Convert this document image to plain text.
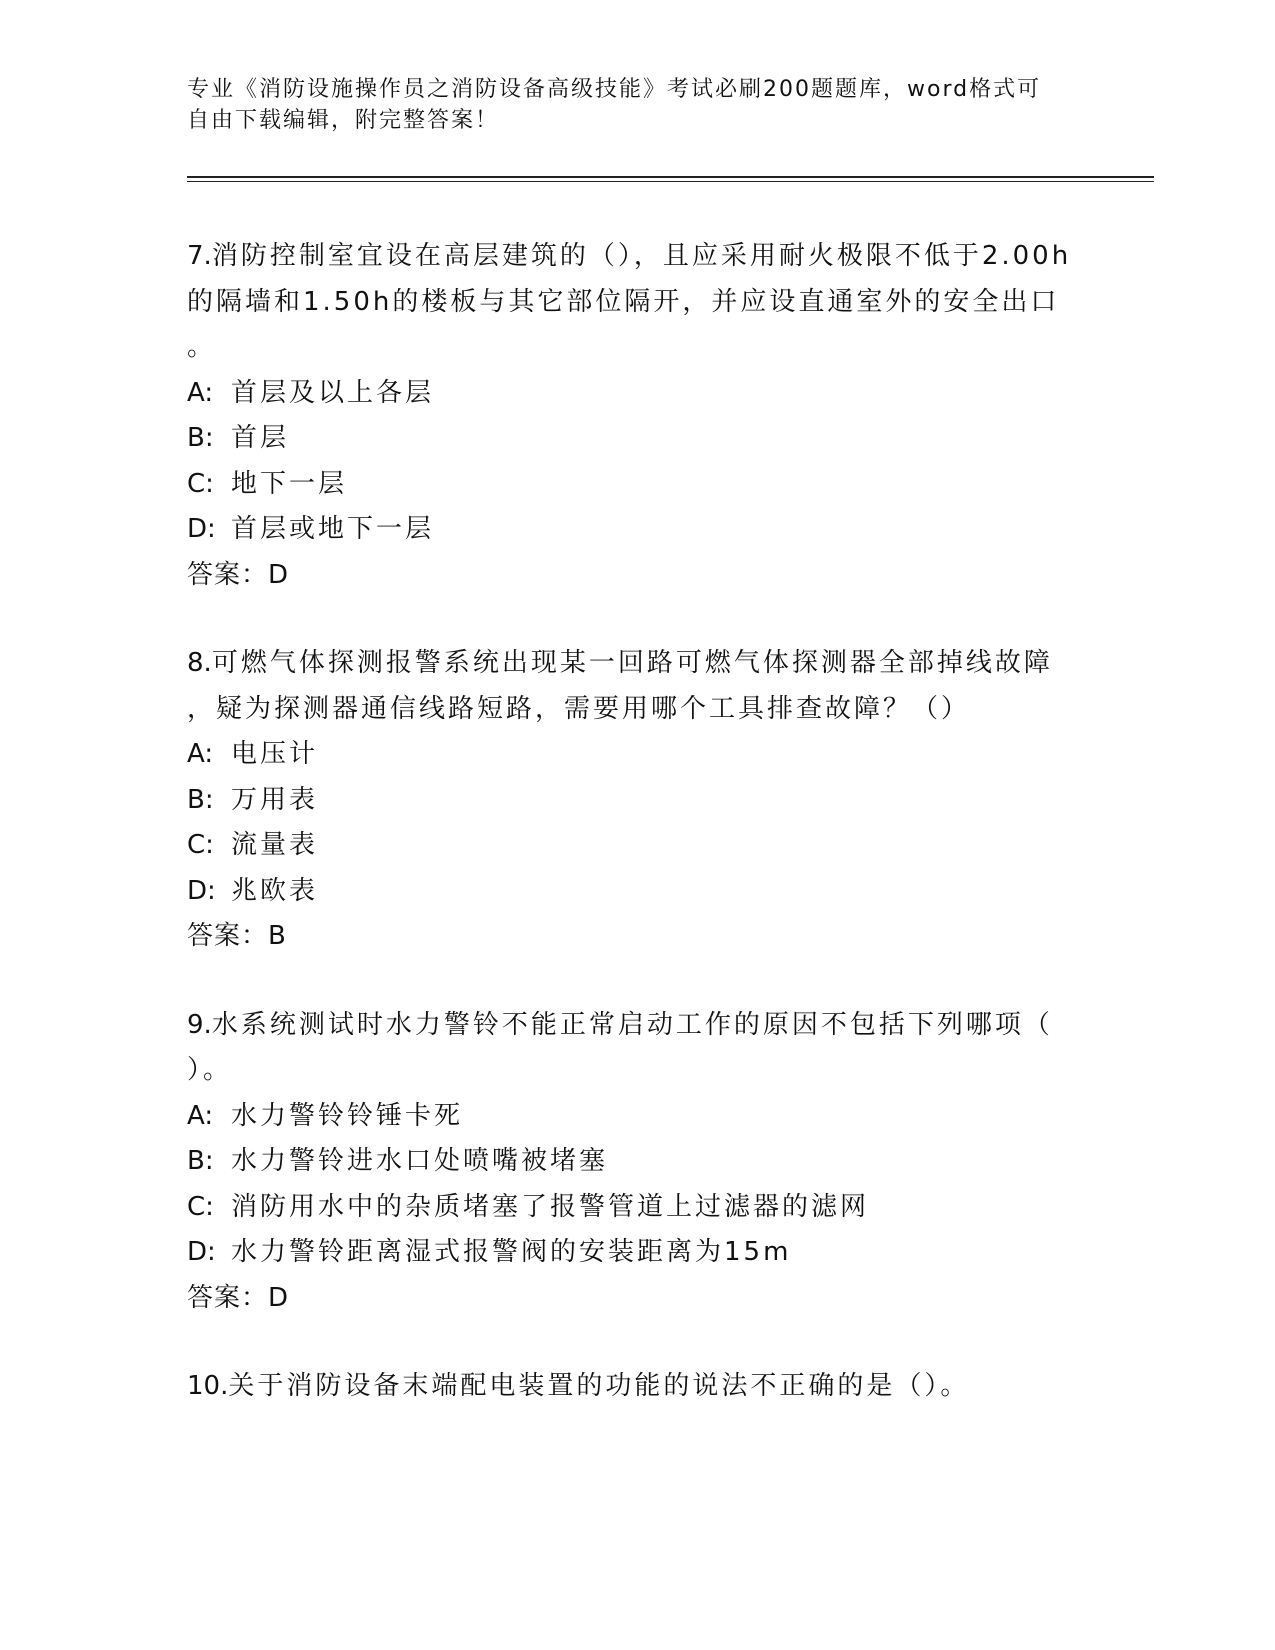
专业《消防设施操作员之消防设备高级技能》考试必刷200题题库，word格式可
自由下载编辑，附完整答案！

7.消防控制室宜设在高层建筑的（），且应采用耐火极限不低于2.00h

的隔墙和1.50h的楼板与其它部位隔开，并应设直通室外的安全出口

。

A: 首层及以上各层

B: 首层

C: 地下一层

D: 首层或地下一层

答案：D

8.可燃气体探测报警系统出现某一回路可燃气体探测器全部掉线故障

，疑为探测器通信线路短路，需要用哪个工具排查故障？（）

A: 电压计

B: 万用表

C: 流量表

D: 兆欧表

答案：B

9.水系统测试时水力警铃不能正常启动工作的原因不包括下列哪项（

）。

A: 水力警铃铃锤卡死

B: 水力警铃进水口处喷嘴被堵塞

C: 消防用水中的杂质堵塞了报警管道上过滤器的滤网

D: 水力警铃距离湿式报警阀的安装距离为15m

答案：D

10.关于消防设备末端配电装置的功能的说法不正确的是（）。
